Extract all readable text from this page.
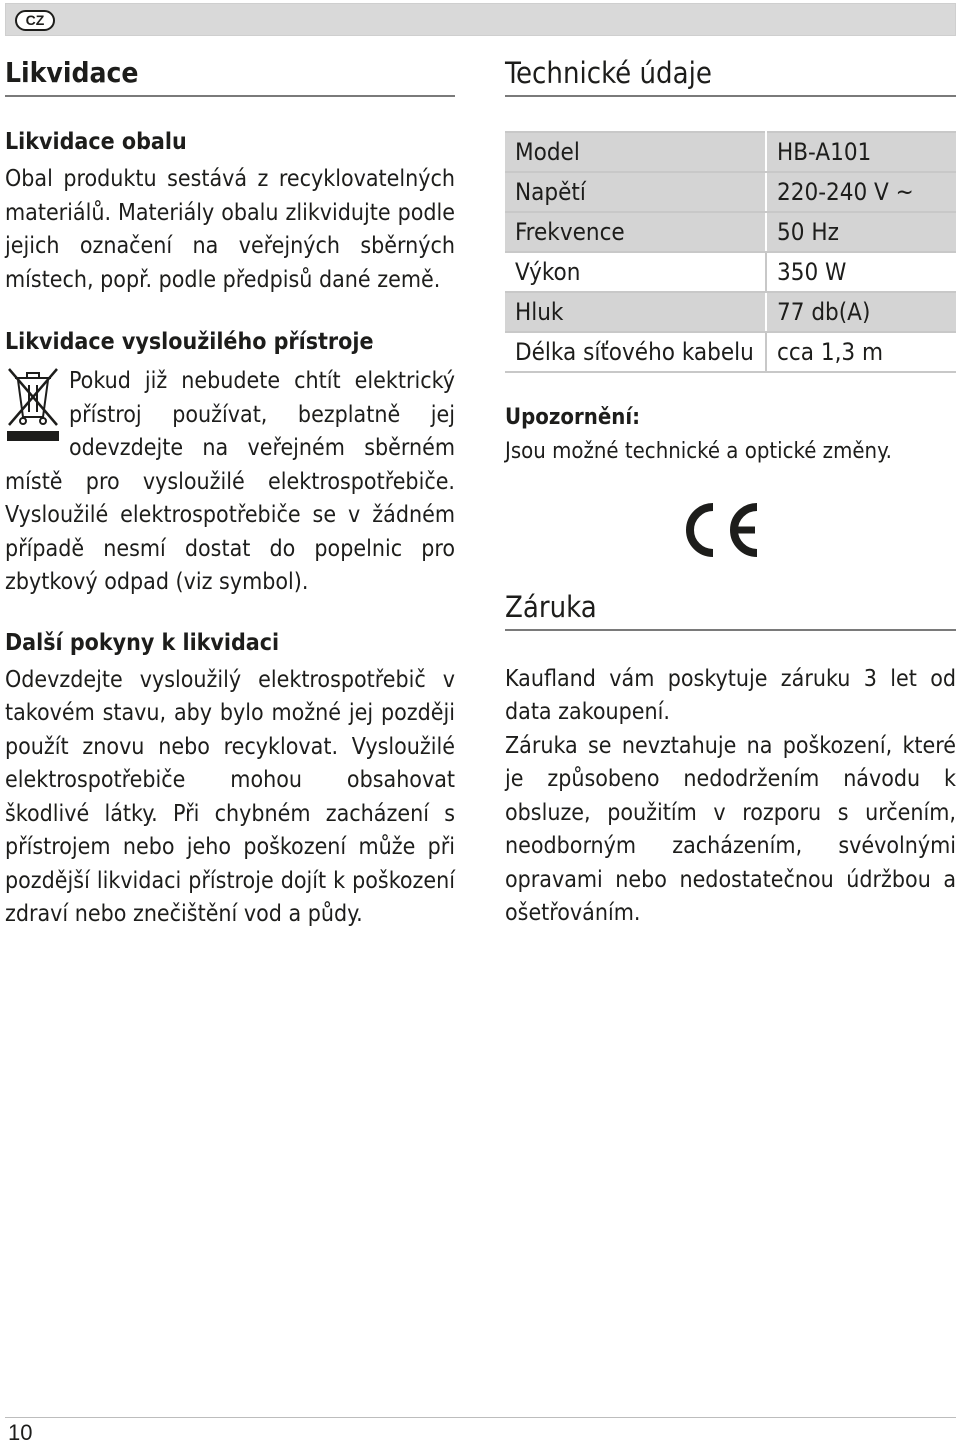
CZ
Likvidace
Likvidace obalu

Obal produktu sestává z recyklovatelných materiálů. Materiály obalu zlikvidujte podle jejich označení na veřejných sběrných místech, popř. podle předpisů dané země.

Likvidace vysloužilého přístroje

Pokud již nebudete chtít elektrický přístroj používat, bezplatně jej odevzdejte na veřejném sběrném místě pro vysloužilé elektrospotřebiče. Vysloužilé elektrospotřebiče se v žádném případě nesmí dostat do popelnic pro zbytkový odpad (viz symbol).

Další pokyny k likvidaci

Odevzdejte vysloužilý elektrospotřebič v takovém stavu, aby bylo možné jej později použít znovu nebo recyklovat. Vysloužilé elektrospotřebiče mohou obsahovat škodlivé látky. Při chybném zacházení s přístrojem nebo jeho poškození může při pozdější likvidaci přístroje dojít k poškození zdraví nebo znečištění vod a půdy.

Technické údaje
Model	HB-A101
Napětí	220-240 V ~
Frekvence	50 Hz
Výkon	350 W
Hluk	77 db(A)
Délka síťového kabelu	cca 1,3 m
Upozornění:

Jsou možné technické a optické změny.

Záruka

Kaufland vám poskytuje záruku 3 let od data zakoupení.

Záruka se nevztahuje na poškození, které je způsobeno nedodržením návodu k obsluze, použitím v rozporu s určením, neodborným zacházením, svévolnými opravami nebo nedostatečnou údržbou a ošetřováním.

10
